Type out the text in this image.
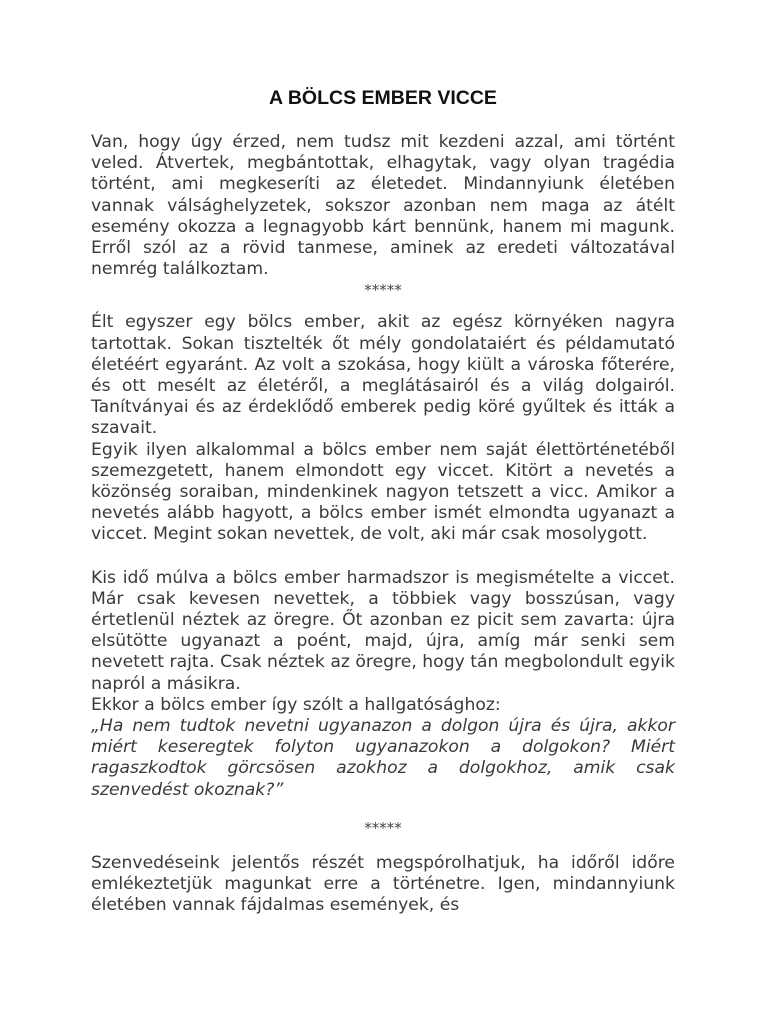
A BÖLCS EMBER VICCE

Van, hogy úgy érzed, nem tudsz mit kezdeni azzal, ami történt veled. Átvertek, megbántottak, elhagytak, vagy olyan tragédia történt, ami megkeseríti az életedet. Mindannyiunk életében vannak válsághelyzetek, sokszor azonban nem maga az átélt esemény okozza a legnagyobb kárt bennünk, hanem mi magunk. Erről szól az a rövid tanmese, aminek az eredeti változatával nemrég találkoztam.

*****

Élt egyszer egy bölcs ember, akit az egész környéken nagyra tartottak. Sokan tisztelték őt mély gondolataiért és példamutató életéért egyaránt. Az volt a szokása, hogy kiült a városka főterére, és ott mesélt az életéről, a meglátásairól és a világ dolgairól. Tanítványai és az érdeklődő emberek pedig köré gyűltek és itták a szavait.

Egyik ilyen alkalommal a bölcs ember nem saját élettörténetéből szemezgetett, hanem elmondott egy viccet. Kitört a nevetés a közönség soraiban, mindenkinek nagyon tetszett a vicc. Amikor a nevetés alább hagyott, a bölcs ember ismét elmondta ugyanazt a viccet. Megint sokan nevettek, de volt, aki már csak mosolygott.

Kis idő múlva a bölcs ember harmadszor is megismételte a viccet. Már csak kevesen nevettek, a többiek vagy bosszúsan, vagy értetlenül néztek az öregre. Őt azonban ez picit sem zavarta: újra elsütötte ugyanazt a poént, majd, újra, amíg már senki sem nevetett rajta. Csak néztek az öregre, hogy tán megbolondult egyik napról a másikra.

Ekkor a bölcs ember így szólt a hallgatósághoz:

„Ha nem tudtok nevetni ugyanazon a dolgon újra és újra, akkor miért keseregtek folyton ugyanazokon a dolgokon? Miért ragaszkodtok görcsösen azokhoz a dolgokhoz, amik csak szenvedést okoznak?”

*****

Szenvedéseink jelentős részét megspórolhatjuk, ha időről időre emlékeztetjük magunkat erre a történetre. Igen, mindannyiunk életében vannak fájdalmas események, és
